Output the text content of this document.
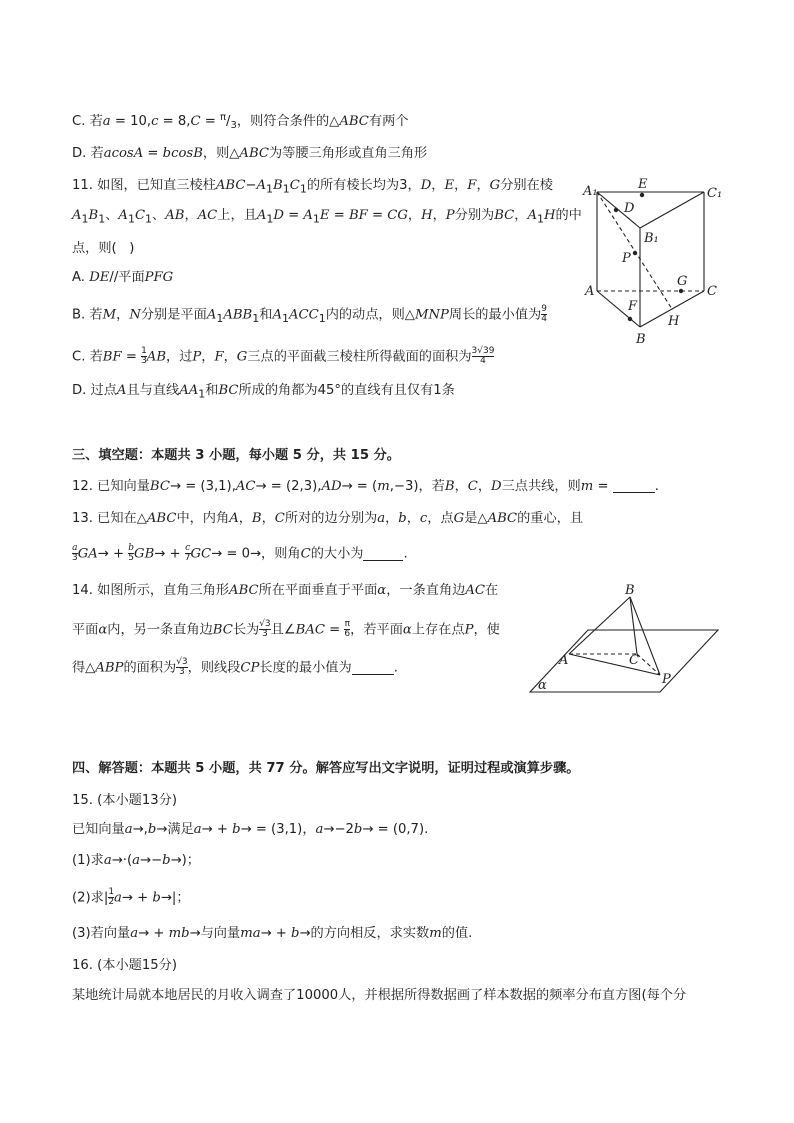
C. 若$a = 10,c = 8,C = ^\pi/_3$，则符合条件的△ABC有两个
D. 若acosA = bcosB，则△ABC为等腰三角形或直角三角形
11. 如图，已知直三棱柱$ABC-A_1B_1C_1$的所有棱长均为3，D，E，F，G分别在棱
$A_1B_1$、$A_1C_1$、AB，AC上，且$A_1D = A_1E$ = BF = CG，H，P分别为BC，$A_1H$的中
点，则(   )
A. DE//平面PFG
B. 若M，N分别是平面$A_1ABB_1$和$A_1ACC_1$内的动点，则△MNP周长的最小值为 $\frac{9}{4}$
C. 若BF = $\frac{1}{3}$ AB，过P，F，G三点的平面截三棱柱所得截面的面积为 $\frac{3√39}{4}$
D. 过点A且与直线$AA_1$和BC所成的角都为45°的直线有且仅有1条
A₁	E
C₁
D
B₁
P
A
G
C
F
H
B
三、填空题：本题共 3 小题，每小题 5 分，共 15 分。
12. 已知向量BC→ = (3,1),AC→ = (2,3),AD→ = (m,−3)，若B，C，D三点共线，则m =	.
13. 已知在△ABC中，内角A，B，C所对的边分别为a，b，c，点G是△ABC的重心，且
$\frac{a}{3} GA\to + \frac{b}{5} GB\to + \frac{c}{7} GC\to = 0\to$，则角C的大小为	.
14. 如图所示，直角三角形ABC所在平面垂直于平面α，一条直角边AC在
平面α内，另一条直角边BC长为 $\frac{√3}{3}$ 且∠BAC = $\frac{\pi}{6}$ ，若平面α上存在点P，使
得△ABP的面积为 $\frac{√3}{3}$ ，则线段CP长度的最小值为	.
B
A	C
P
α
四、解答题：本题共 5 小题，共 77 分。解答应写出文字说明，证明过程或演算步骤。
15. (本小题13分)
已知向量a→,b→满足a→ + b→ = (3,1)，a→−2b→ = (0,7).
(1)求a→·(a→−b→)；
(2)求| $\frac{1}{2} a\to + b\to|$；
(3)若向量a→ + mb→与向量ma→ + b→的方向相反，求实数m的值.
16. (本小题15分)
某地统计局就本地居民的月收入调查了10000人，并根据所得数据画了样本数据的频率分布直方图(每个分
